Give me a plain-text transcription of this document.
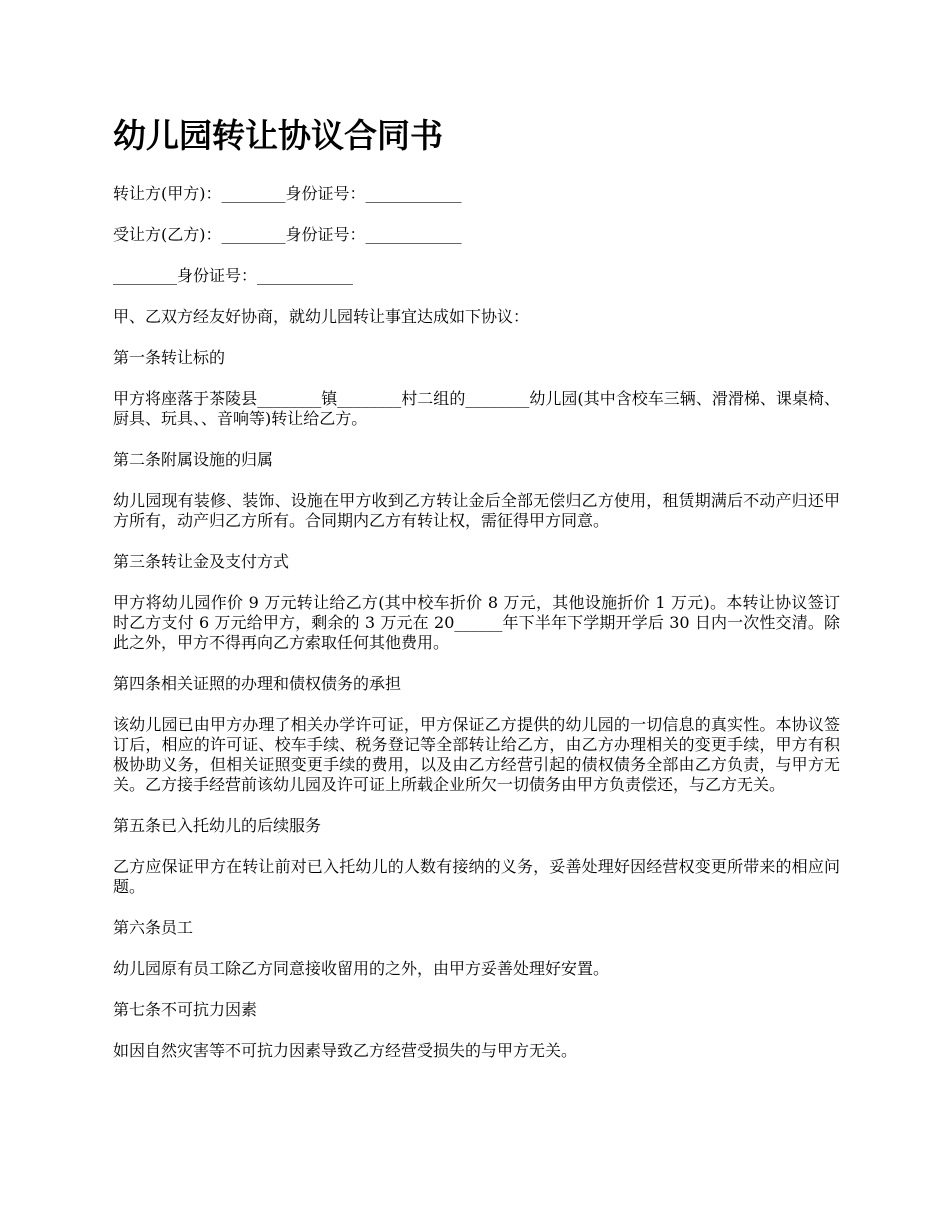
幼儿园转让协议合同书

转让方(甲方)：________身份证号：____________

受让方(乙方)：________身份证号：____________

________身份证号：____________

甲、乙双方经友好协商，就幼儿园转让事宜达成如下协议：

第一条转让标的

甲方将座落于茶陵县________镇________村二组的________幼儿园(其中含校车三辆、滑滑梯、课桌椅、厨具、玩具、、音响等)转让给乙方。

第二条附属设施的归属

幼儿园现有装修、装饰、设施在甲方收到乙方转让金后全部无偿归乙方使用，租赁期满后不动产归还甲方所有，动产归乙方所有。合同期内乙方有转让权，需征得甲方同意。

第三条转让金及支付方式

甲方将幼儿园作价 9 万元转让给乙方(其中校车折价 8 万元，其他设施折价 1 万元)。本转让协议签订时乙方支付 6 万元给甲方，剩余的 3 万元在 20______年下半年下学期开学后 30 日内一次性交清。除此之外，甲方不得再向乙方索取任何其他费用。

第四条相关证照的办理和债权债务的承担

该幼儿园已由甲方办理了相关办学许可证，甲方保证乙方提供的幼儿园的一切信息的真实性。本协议签订后，相应的许可证、校车手续、税务登记等全部转让给乙方，由乙方办理相关的变更手续，甲方有积极协助义务，但相关证照变更手续的费用，以及由乙方经营引起的债权债务全部由乙方负责，与甲方无关。乙方接手经营前该幼儿园及许可证上所载企业所欠一切债务由甲方负责偿还，与乙方无关。

第五条已入托幼儿的后续服务

乙方应保证甲方在转让前对已入托幼儿的人数有接纳的义务，妥善处理好因经营权变更所带来的相应问题。

第六条员工

幼儿园原有员工除乙方同意接收留用的之外，由甲方妥善处理好安置。

第七条不可抗力因素

如因自然灾害等不可抗力因素导致乙方经营受损失的与甲方无关。
